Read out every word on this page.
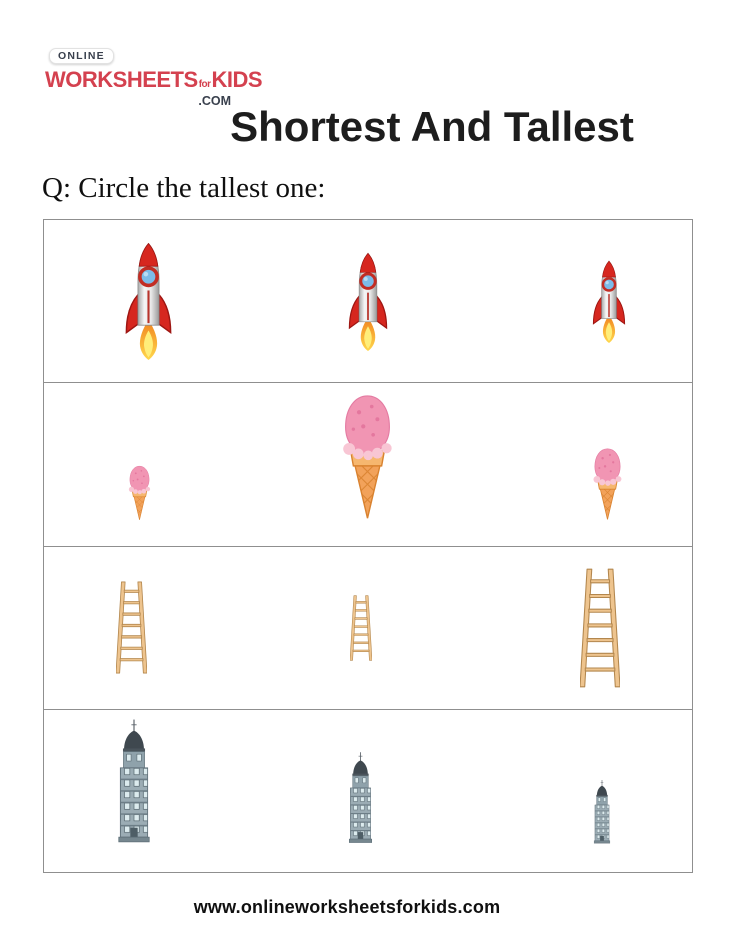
ONLINE
WORKSHEETSforKIDS
.COM
Shortest And Tallest
Q: Circle the tallest one:
www.onlineworksheetsforkids.com
